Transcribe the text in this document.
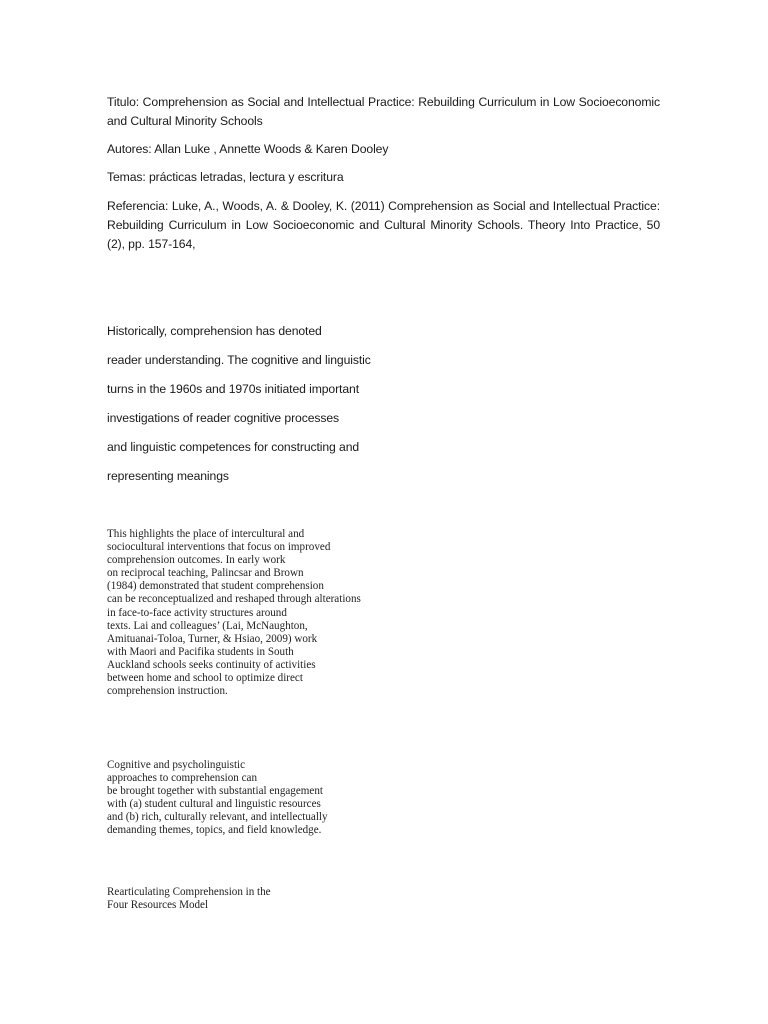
Titulo: Comprehension as Social and Intellectual Practice: Rebuilding Curriculum in Low Socioeconomic and Cultural Minority Schools

Autores: Allan Luke , Annette Woods & Karen Dooley

Temas: prácticas letradas, lectura y escritura

Referencia: Luke, A., Woods, A. & Dooley, K. (2011) Comprehension as Social and Intellectual Practice: Rebuilding Curriculum in Low Socioeconomic and Cultural Minority Schools. Theory Into Practice, 50 (2), pp. 157-164,

Historically, comprehension has denoted

reader understanding. The cognitive and linguistic

turns in the 1960s and 1970s initiated important

investigations of reader cognitive processes

and linguistic competences for constructing and

representing meanings

This highlights the place of intercultural and
sociocultural interventions that focus on improved
comprehension outcomes. In early work
on reciprocal teaching, Palincsar and Brown
(1984) demonstrated that student comprehension
can be reconceptualized and reshaped through alterations
in face-to-face activity structures around
texts. Lai and colleagues’ (Lai, McNaughton,
Amituanai-Toloa, Turner, & Hsiao, 2009) work
with Maori and Pacifika students in South
Auckland schools seeks continuity of activities
between home and school to optimize direct
comprehension instruction.
Cognitive and psycholinguistic
approaches to comprehension can
be brought together with substantial engagement
with (a) student cultural and linguistic resources
and (b) rich, culturally relevant, and intellectually
demanding themes, topics, and field knowledge.
Rearticulating Comprehension in the
Four Resources Model
